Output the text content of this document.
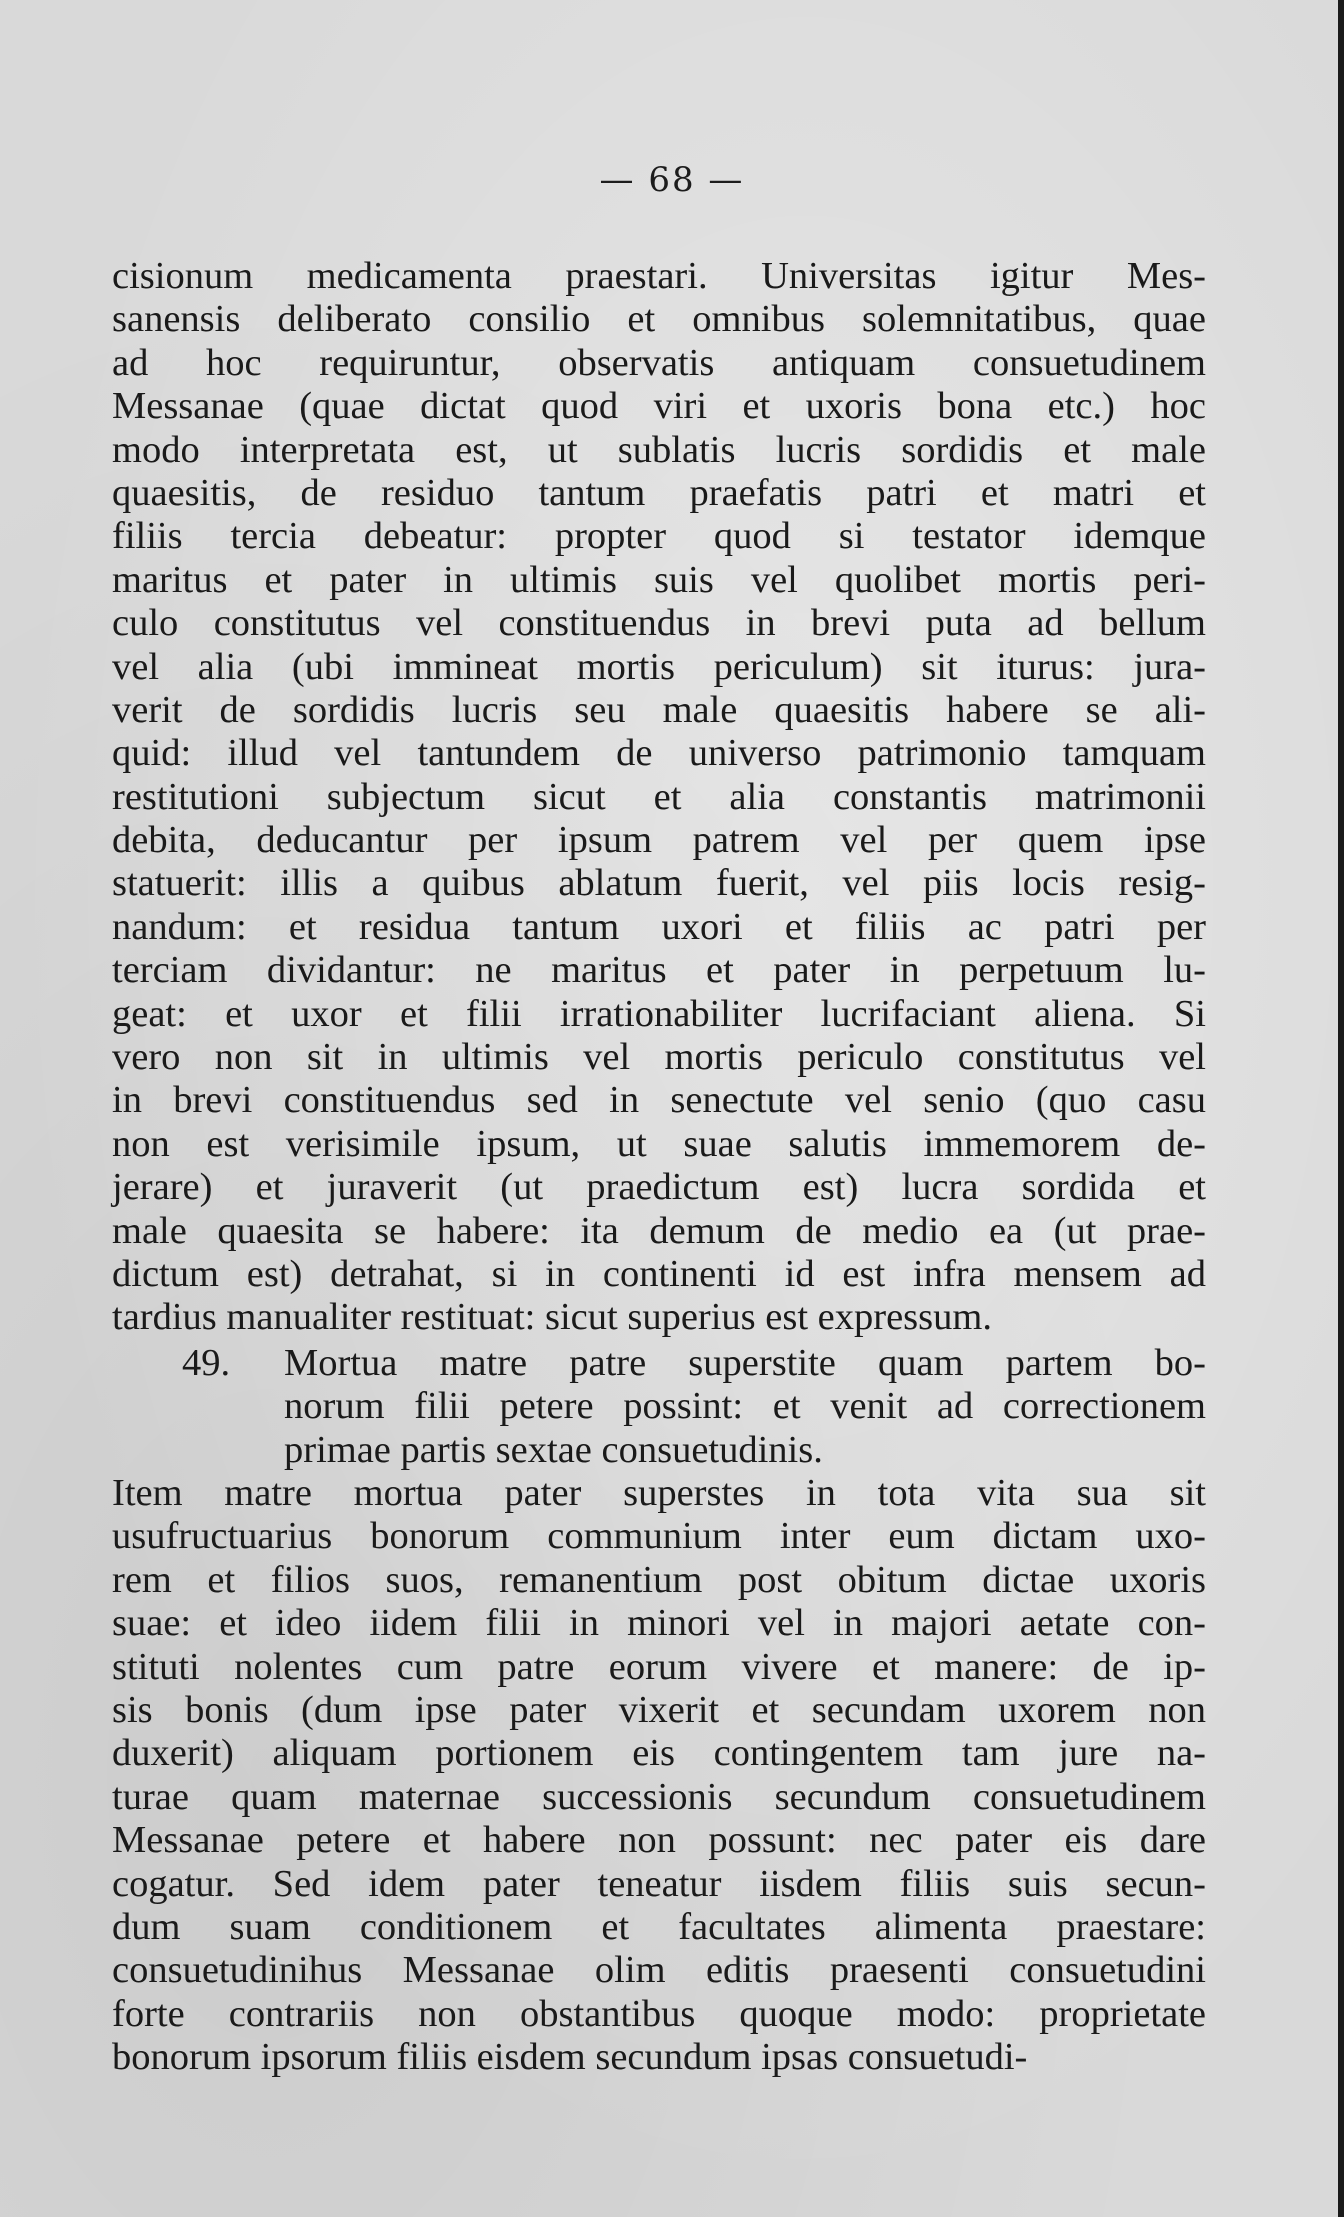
— 68 —
cisionum medicamenta praestari. Universitas igitur Mes-
sanensis deliberato consilio et omnibus solemnitatibus, quae
ad hoc requiruntur, observatis antiquam consuetudinem
Messanae (quae dictat quod viri et uxoris bona etc.) hoc
modo interpretata est, ut sublatis lucris sordidis et male
quaesitis, de residuo tantum praefatis patri et matri et
filiis tercia debeatur: propter quod si testator idemque
maritus et pater in ultimis suis vel quolibet mortis peri-
culo constitutus vel constituendus in brevi puta ad bellum
vel alia (ubi immineat mortis periculum) sit iturus: jura-
verit de sordidis lucris seu male quaesitis habere se ali-
quid: illud vel tantundem de universo patrimonio tamquam
restitutioni subjectum sicut et alia constantis matrimonii
debita, deducantur per ipsum patrem vel per quem ipse
statuerit: illis a quibus ablatum fuerit, vel piis locis resig-
nandum: et residua tantum uxori et filiis ac patri per
terciam dividantur: ne maritus et pater in perpetuum lu-
geat: et uxor et filii irrationabiliter lucrifaciant aliena. Si
vero non sit in ultimis vel mortis periculo constitutus vel
in brevi constituendus sed in senectute vel senio (quo casu
non est verisimile ipsum, ut suae salutis immemorem de-
jerare) et juraverit (ut praedictum est) lucra sordida et
male quaesita se habere: ita demum de medio ea (ut prae-
dictum est) detrahat, si in continenti id est infra mensem ad
tardius manualiter restituat: sicut superius est expressum.
49. Mortua matre patre superstite quam partem bo-
norum filii petere possint: et venit ad correctionem
primae partis sextae consuetudinis.
Item matre mortua pater superstes in tota vita sua sit
usufructuarius bonorum communium inter eum dictam uxo-
rem et filios suos, remanentium post obitum dictae uxoris
suae: et ideo iidem filii in minori vel in majori aetate con-
stituti nolentes cum patre eorum vivere et manere: de ip-
sis bonis (dum ipse pater vixerit et secundam uxorem non
duxerit) aliquam portionem eis contingentem tam jure na-
turae quam maternae successionis secundum consuetudinem
Messanae petere et habere non possunt: nec pater eis dare
cogatur. Sed idem pater teneatur iisdem filiis suis secun-
dum suam conditionem et facultates alimenta praestare:
consuetudinihus Messanae olim editis praesenti consuetudini
forte contrariis non obstantibus quoque modo: proprietate
bonorum ipsorum filiis eisdem secundum ipsas consuetudi-
